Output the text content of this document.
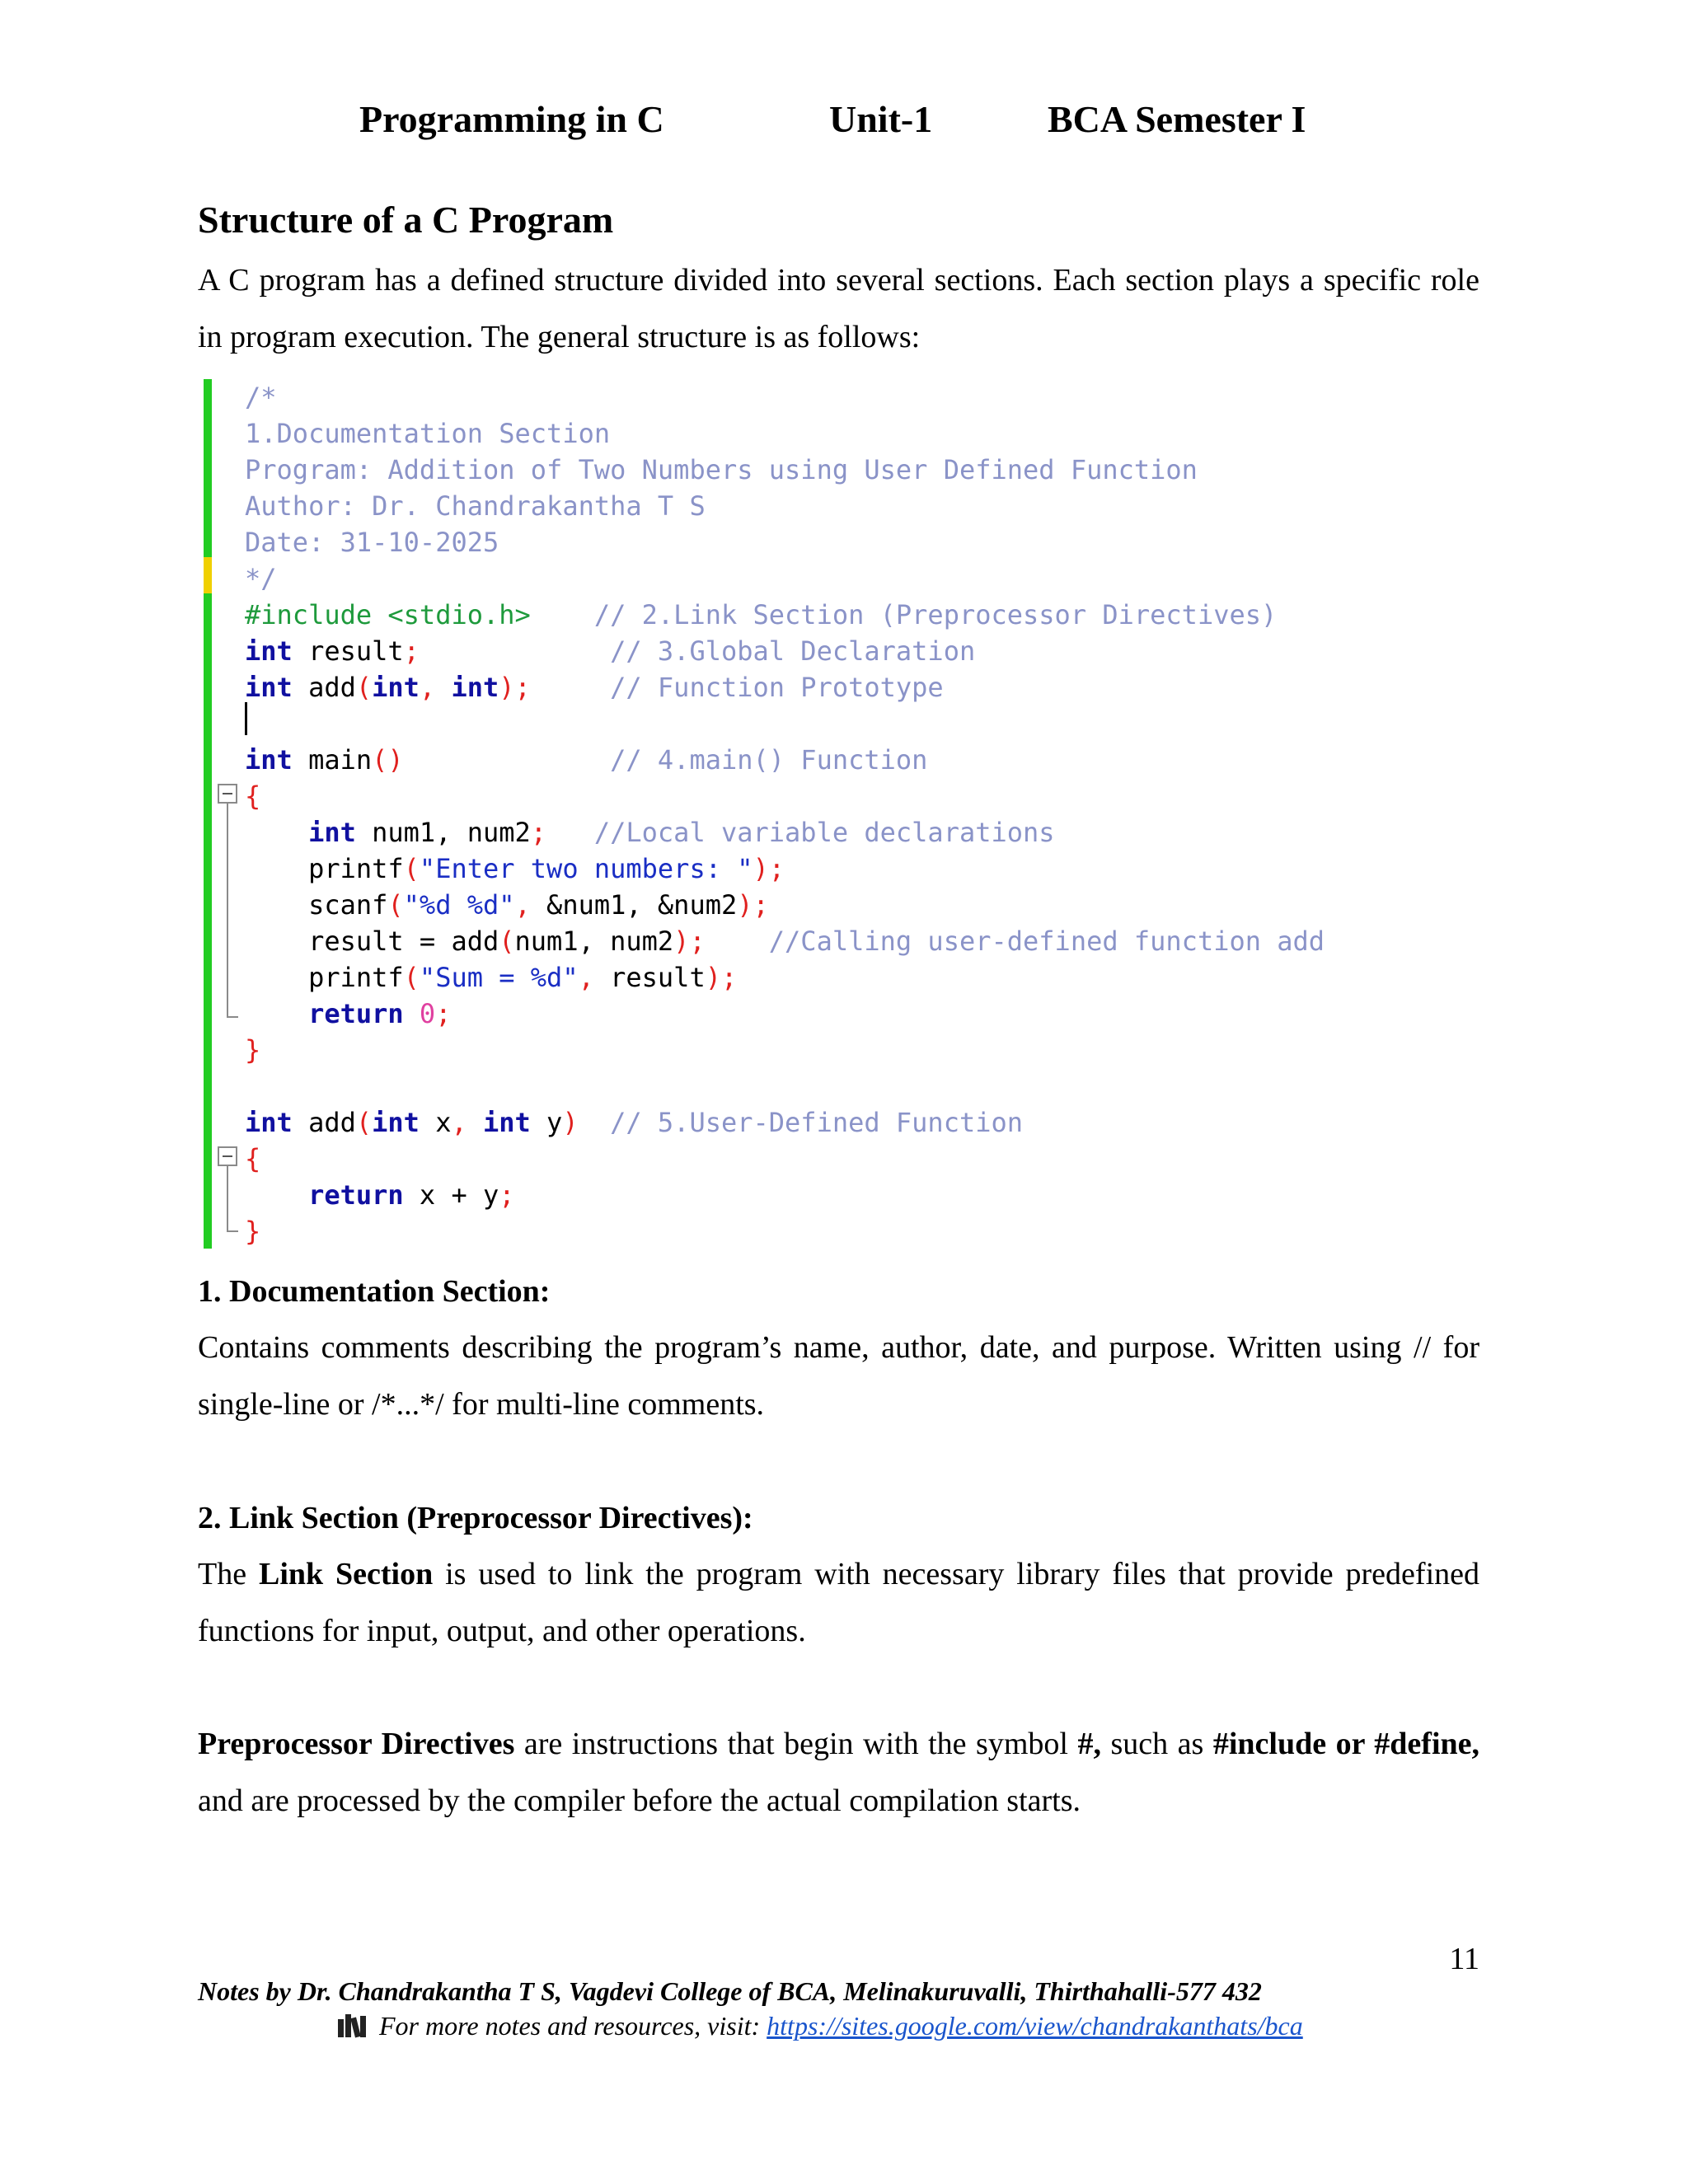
Programming in C	Unit-1	BCA Semester I
Structure of a C Program
A C program has a defined structure divided into several sections. Each section plays a specific role in program execution. The general structure is as follows:
/*
1.Documentation Section
Program: Addition of Two Numbers using User Defined Function
Author: Dr. Chandrakantha T S
Date: 31-10-2025
*/
#include <stdio.h> // 2.Link Section (Preprocessor Directives)
int result;	// 3.Global Declaration
int add(int, int);	// Function Prototype
int main()	// 4.main() Function
{
int num1, num2; //Local variable declarations
printf("Enter two numbers: ");
scanf("%d %d", &num1, &num2);
result = add(num1, num2); //Calling user-defined function add
printf("Sum = %d", result);
return 0;
}
int add(int x, int y) // 5.User-Defined Function
{
return x + y;
}
1. Documentation Section:
Contains comments describing the program’s name, author, date, and purpose. Written using // for single-line or /*...*/ for multi-line comments.
2. Link Section (Preprocessor Directives):
The Link Section is used to link the program with necessary library files that provide predefined functions for input, output, and other operations.
Preprocessor Directives are instructions that begin with the symbol #, such as #include or #define, and are processed by the compiler before the actual compilation starts.
11
Notes by Dr. Chandrakantha T S, Vagdevi College of BCA, Melinakuruvalli, Thirthahalli-577 432
For more notes and resources, visit: https://sites.google.com/view/chandrakanthats/bca
